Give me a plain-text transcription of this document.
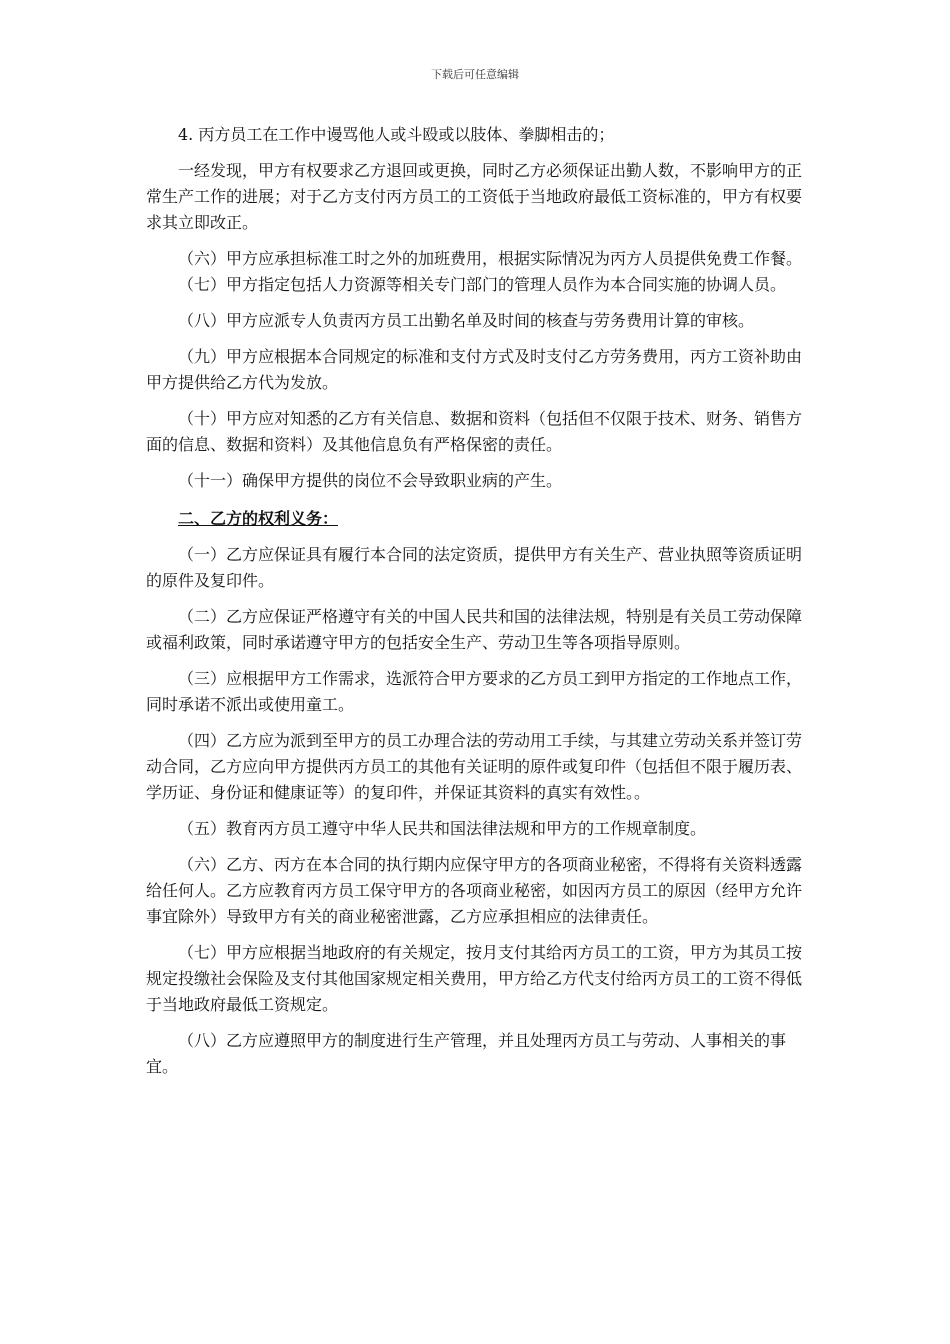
下载后可任意编辑

4. 丙方员工在工作中谩骂他人或斗殴或以肢体、拳脚相击的；

一经发现，甲方有权要求乙方退回或更换，同时乙方必须保证出勤人数，不影响甲方的正常生产工作的进展；对于乙方支付丙方员工的工资低于当地政府最低工资标准的，甲方有权要求其立即改正。

（六）甲方应承担标准工时之外的加班费用，根据实际情况为丙方人员提供免费工作餐。

（七）甲方指定包括人力资源等相关专门部门的管理人员作为本合同实施的协调人员。

（八）甲方应派专人负责丙方员工出勤名单及时间的核查与劳务费用计算的审核。

（九）甲方应根据本合同规定的标准和支付方式及时支付乙方劳务费用，丙方工资补助由甲方提供给乙方代为发放。

（十）甲方应对知悉的乙方有关信息、数据和资料（包括但不仅限于技术、财务、销售方面的信息、数据和资料）及其他信息负有严格保密的责任。

（十一）确保甲方提供的岗位不会导致职业病的产生。

二、乙方的权利义务：

（一）乙方应保证具有履行本合同的法定资质，提供甲方有关生产、营业执照等资质证明的原件及复印件。

（二）乙方应保证严格遵守有关的中国人民共和国的法律法规，特别是有关员工劳动保障或福利政策，同时承诺遵守甲方的包括安全生产、劳动卫生等各项指导原则。

（三）应根据甲方工作需求，选派符合甲方要求的乙方员工到甲方指定的工作地点工作，同时承诺不派出或使用童工。

（四）乙方应为派到至甲方的员工办理合法的劳动用工手续，与其建立劳动关系并签订劳动合同，乙方应向甲方提供丙方员工的其他有关证明的原件或复印件（包括但不限于履历表、学历证、身份证和健康证等）的复印件，并保证其资料的真实有效性。。

（五）教育丙方员工遵守中华人民共和国法律法规和甲方的工作规章制度。

（六）乙方、丙方在本合同的执行期内应保守甲方的各项商业秘密，不得将有关资料透露给任何人。乙方应教育丙方员工保守甲方的各项商业秘密，如因丙方员工的原因（经甲方允许事宜除外）导致甲方有关的商业秘密泄露，乙方应承担相应的法律责任。

（七）甲方应根据当地政府的有关规定，按月支付其给丙方员工的工资，甲方为其员工按规定投缴社会保险及支付其他国家规定相关费用，甲方给乙方代支付给丙方员工的工资不得低于当地政府最低工资规定。

（八）乙方应遵照甲方的制度进行生产管理，并且处理丙方员工与劳动、人事相关的事宜。
